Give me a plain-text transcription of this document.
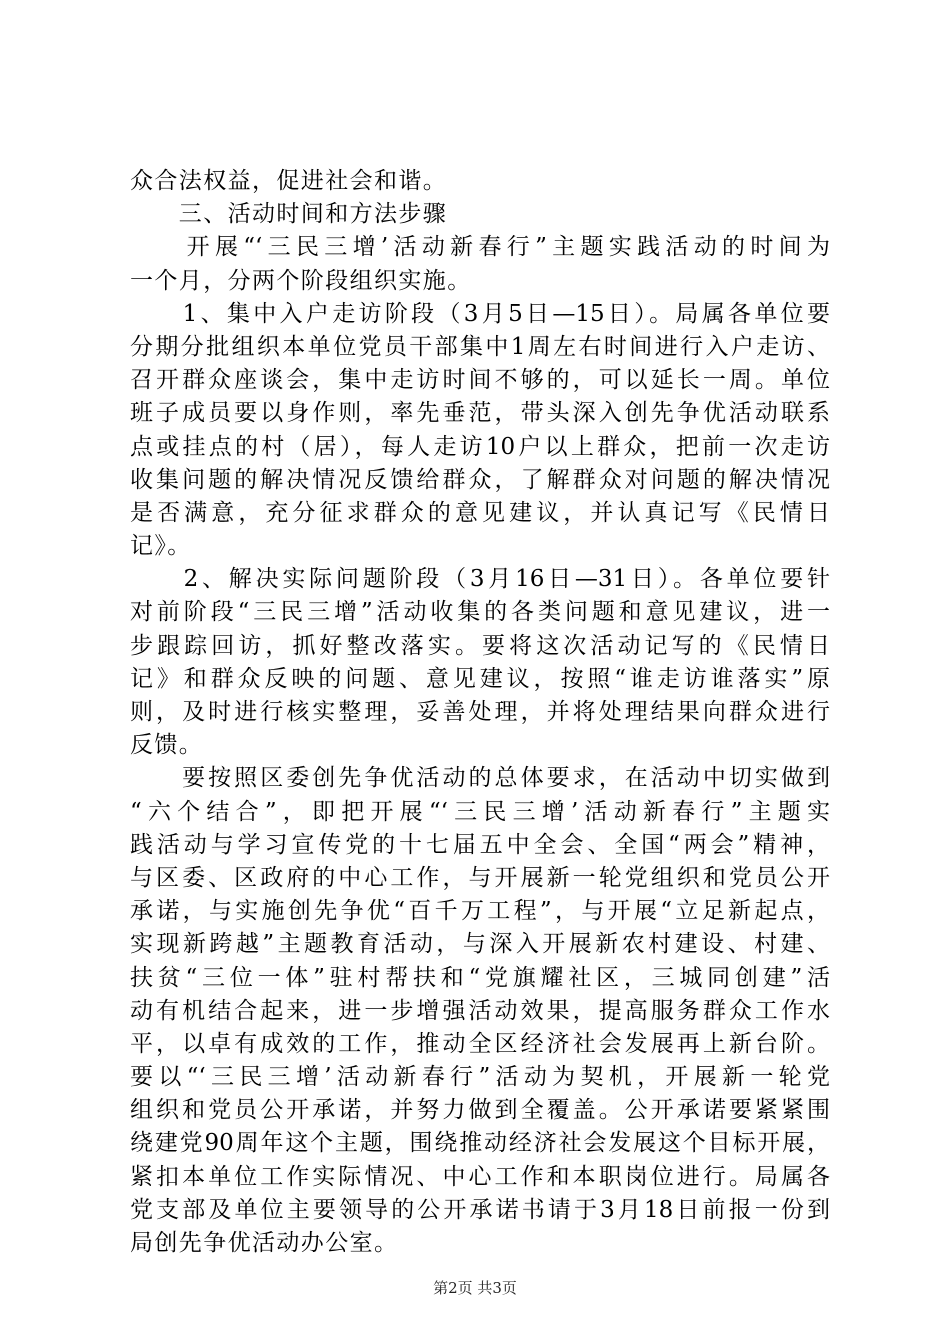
众合法权益，促进社会和谐。
　　三、活动时间和方法步骤
　　开展“‘三民三增’活动新春行”主题实践活动的时间为
一个月，分两个阶段组织实施。
　　1、集中入户走访阶段（3月5日—15日）。局属各单位要
分期分批组织本单位党员干部集中1周左右时间进行入户走访、
召开群众座谈会，集中走访时间不够的，可以延长一周。单位
班子成员要以身作则，率先垂范，带头深入创先争优活动联系
点或挂点的村（居），每人走访10户以上群众，把前一次走访
收集问题的解决情况反馈给群众，了解群众对问题的解决情况
是否满意，充分征求群众的意见建议，并认真记写《民情日
记》。
　　2、解决实际问题阶段（3月16日—31日）。各单位要针
对前阶段“三民三增”活动收集的各类问题和意见建议，进一
步跟踪回访，抓好整改落实。要将这次活动记写的《民情日
记》和群众反映的问题、意见建议，按照“谁走访谁落实”原
则，及时进行核实整理，妥善处理，并将处理结果向群众进行
反馈。
　　要按照区委创先争优活动的总体要求，在活动中切实做到
“六个结合”，即把开展“‘三民三增’活动新春行”主题实
践活动与学习宣传党的十七届五中全会、全国“两会”精神，
与区委、区政府的中心工作，与开展新一轮党组织和党员公开
承诺，与实施创先争优“百千万工程”，与开展“立足新起点，
实现新跨越”主题教育活动，与深入开展新农村建设、村建、
扶贫“三位一体”驻村帮扶和“党旗耀社区，三城同创建”活
动有机结合起来，进一步增强活动效果，提高服务群众工作水
平，以卓有成效的工作，推动全区经济社会发展再上新台阶。
要以“‘三民三增’活动新春行”活动为契机，开展新一轮党
组织和党员公开承诺，并努力做到全覆盖。公开承诺要紧紧围
绕建党90周年这个主题，围绕推动经济社会发展这个目标开展，
紧扣本单位工作实际情况、中心工作和本职岗位进行。局属各
党支部及单位主要领导的公开承诺书请于3月18日前报一份到
局创先争优活动办公室。
第2页 共3页
